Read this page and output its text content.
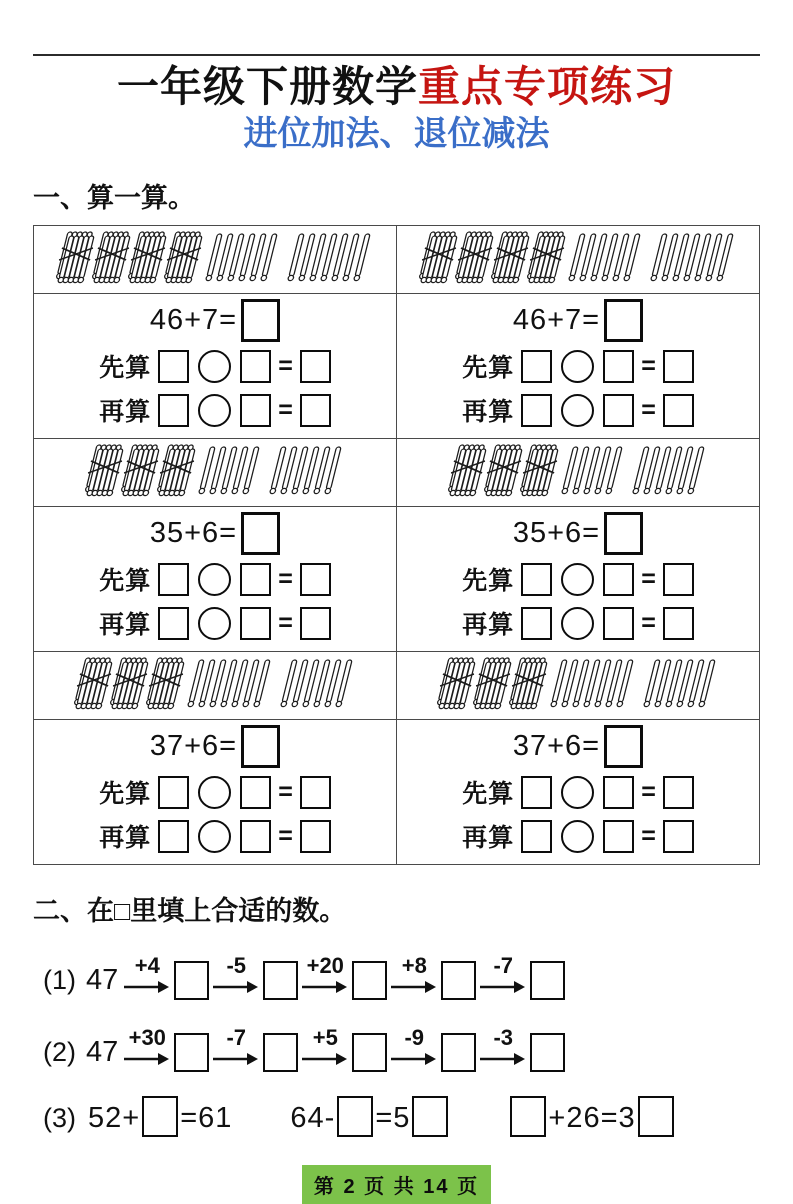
一年级下册数学重点专项练习
进位加法、退位减法
一、算一算。

46+7=
先算	=
再算	=

46+7=
先算	=
再算	=

35+6=
先算	=
再算	=

35+6=
先算	=
再算	=

37+6=
先算	=
再算	=

37+6=
先算	=
再算	=
二、在□里填上合适的数。
(1) 47 +4	-5	+20	+8	-7
(2) 47 +30	-7	+5	-9	-3
(3) 52+ =61 64- =5	+26=3
第 2 页 共 14 页
